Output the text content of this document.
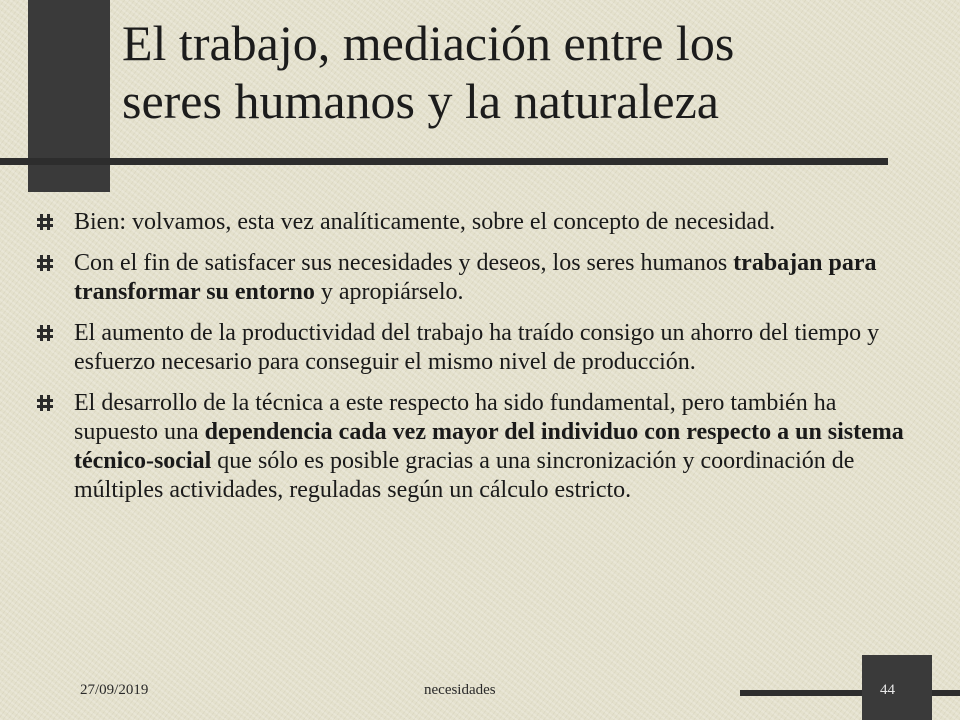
El trabajo, mediación entre los
seres humanos y la naturaleza
Bien: volvamos, esta vez analíticamente, sobre el concepto de necesidad.
Con el fin de satisfacer sus necesidades y deseos, los seres humanos trabajan para transformar su entorno y apropiárselo.
El aumento de la productividad del trabajo ha traído consigo un ahorro del tiempo y esfuerzo necesario para conseguir el mismo nivel de producción.
El desarrollo de la técnica a este respecto ha sido fundamental, pero también ha supuesto una dependencia cada vez mayor del individuo con respecto a un sistema técnico-social que sólo es posible gracias a una sincronización y coordinación de múltiples actividades, reguladas según un cálculo estricto.
27/09/2019	necesidades	44
